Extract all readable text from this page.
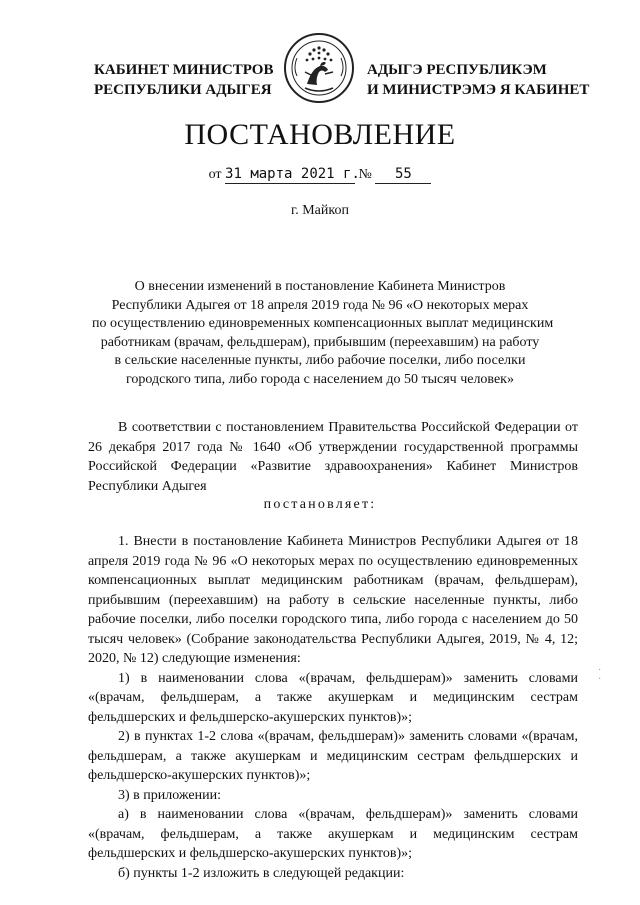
КАБИНЕТ МИНИСТРОВ
РЕСПУБЛИКИ АДЫГЕЯ
АДЫГЭ РЕСПУБЛИКЭМ
И МИНИСТРЭМЭ Я КАБИНЕТ
ПОСТАНОВЛЕНИЕ
от 31 марта 2021 г. № 55
г. Майкоп
О внесении изменений в постановление Кабинета Министров
Республики Адыгея от 18 апреля 2019 года № 96 «О некоторых мерах
по осуществлению единовременных компенсационных выплат медицинским
работникам (врачам, фельдшерам), прибывшим (переехавшим) на работу
в сельские населенные пункты, либо рабочие поселки, либо поселки
городского типа, либо города с населением до 50 тысяч человек»

В соответствии с постановлением Правительства Российской Федерации от 26 декабря 2017 года № 1640 «Об утверждении государственной программы Российской Федерации «Развитие здравоохранения» Кабинет Министров Республики Адыгея

постановляет:

1. Внести в постановление Кабинета Министров Республики Адыгея от 18 апреля 2019 года № 96 «О некоторых мерах по осуществлению единовременных компенсационных выплат медицинским работникам (врачам, фельдшерам), прибывшим (переехавшим) на работу в сельские населенные пункты, либо рабочие поселки, либо поселки городского типа, либо города с населением до 50 тысяч человек» (Собрание законодательства Республики Адыгея, 2019, № 4, 12; 2020, № 12) следующие изменения:

1) в наименовании слова «(врачам, фельдшерам)» заменить словами «(врачам, фельдшерам, а также акушеркам и медицинским сестрам фельдшерских и фельдшерско-акушерских пунктов)»;

2) в пунктах 1-2 слова «(врачам, фельдшерам)» заменить словами «(врачам, фельдшерам, а также акушеркам и медицинским сестрам фельдшерских и фельдшерско-акушерских пунктов)»;

3) в приложении:

а) в наименовании слова «(врачам, фельдшерам)» заменить словами «(врачам, фельдшерам, а также акушеркам и медицинским сестрам фельдшерских и фельдшерско-акушерских пунктов)»;

б) пункты 1-2 изложить в следующей редакции:

·
·
